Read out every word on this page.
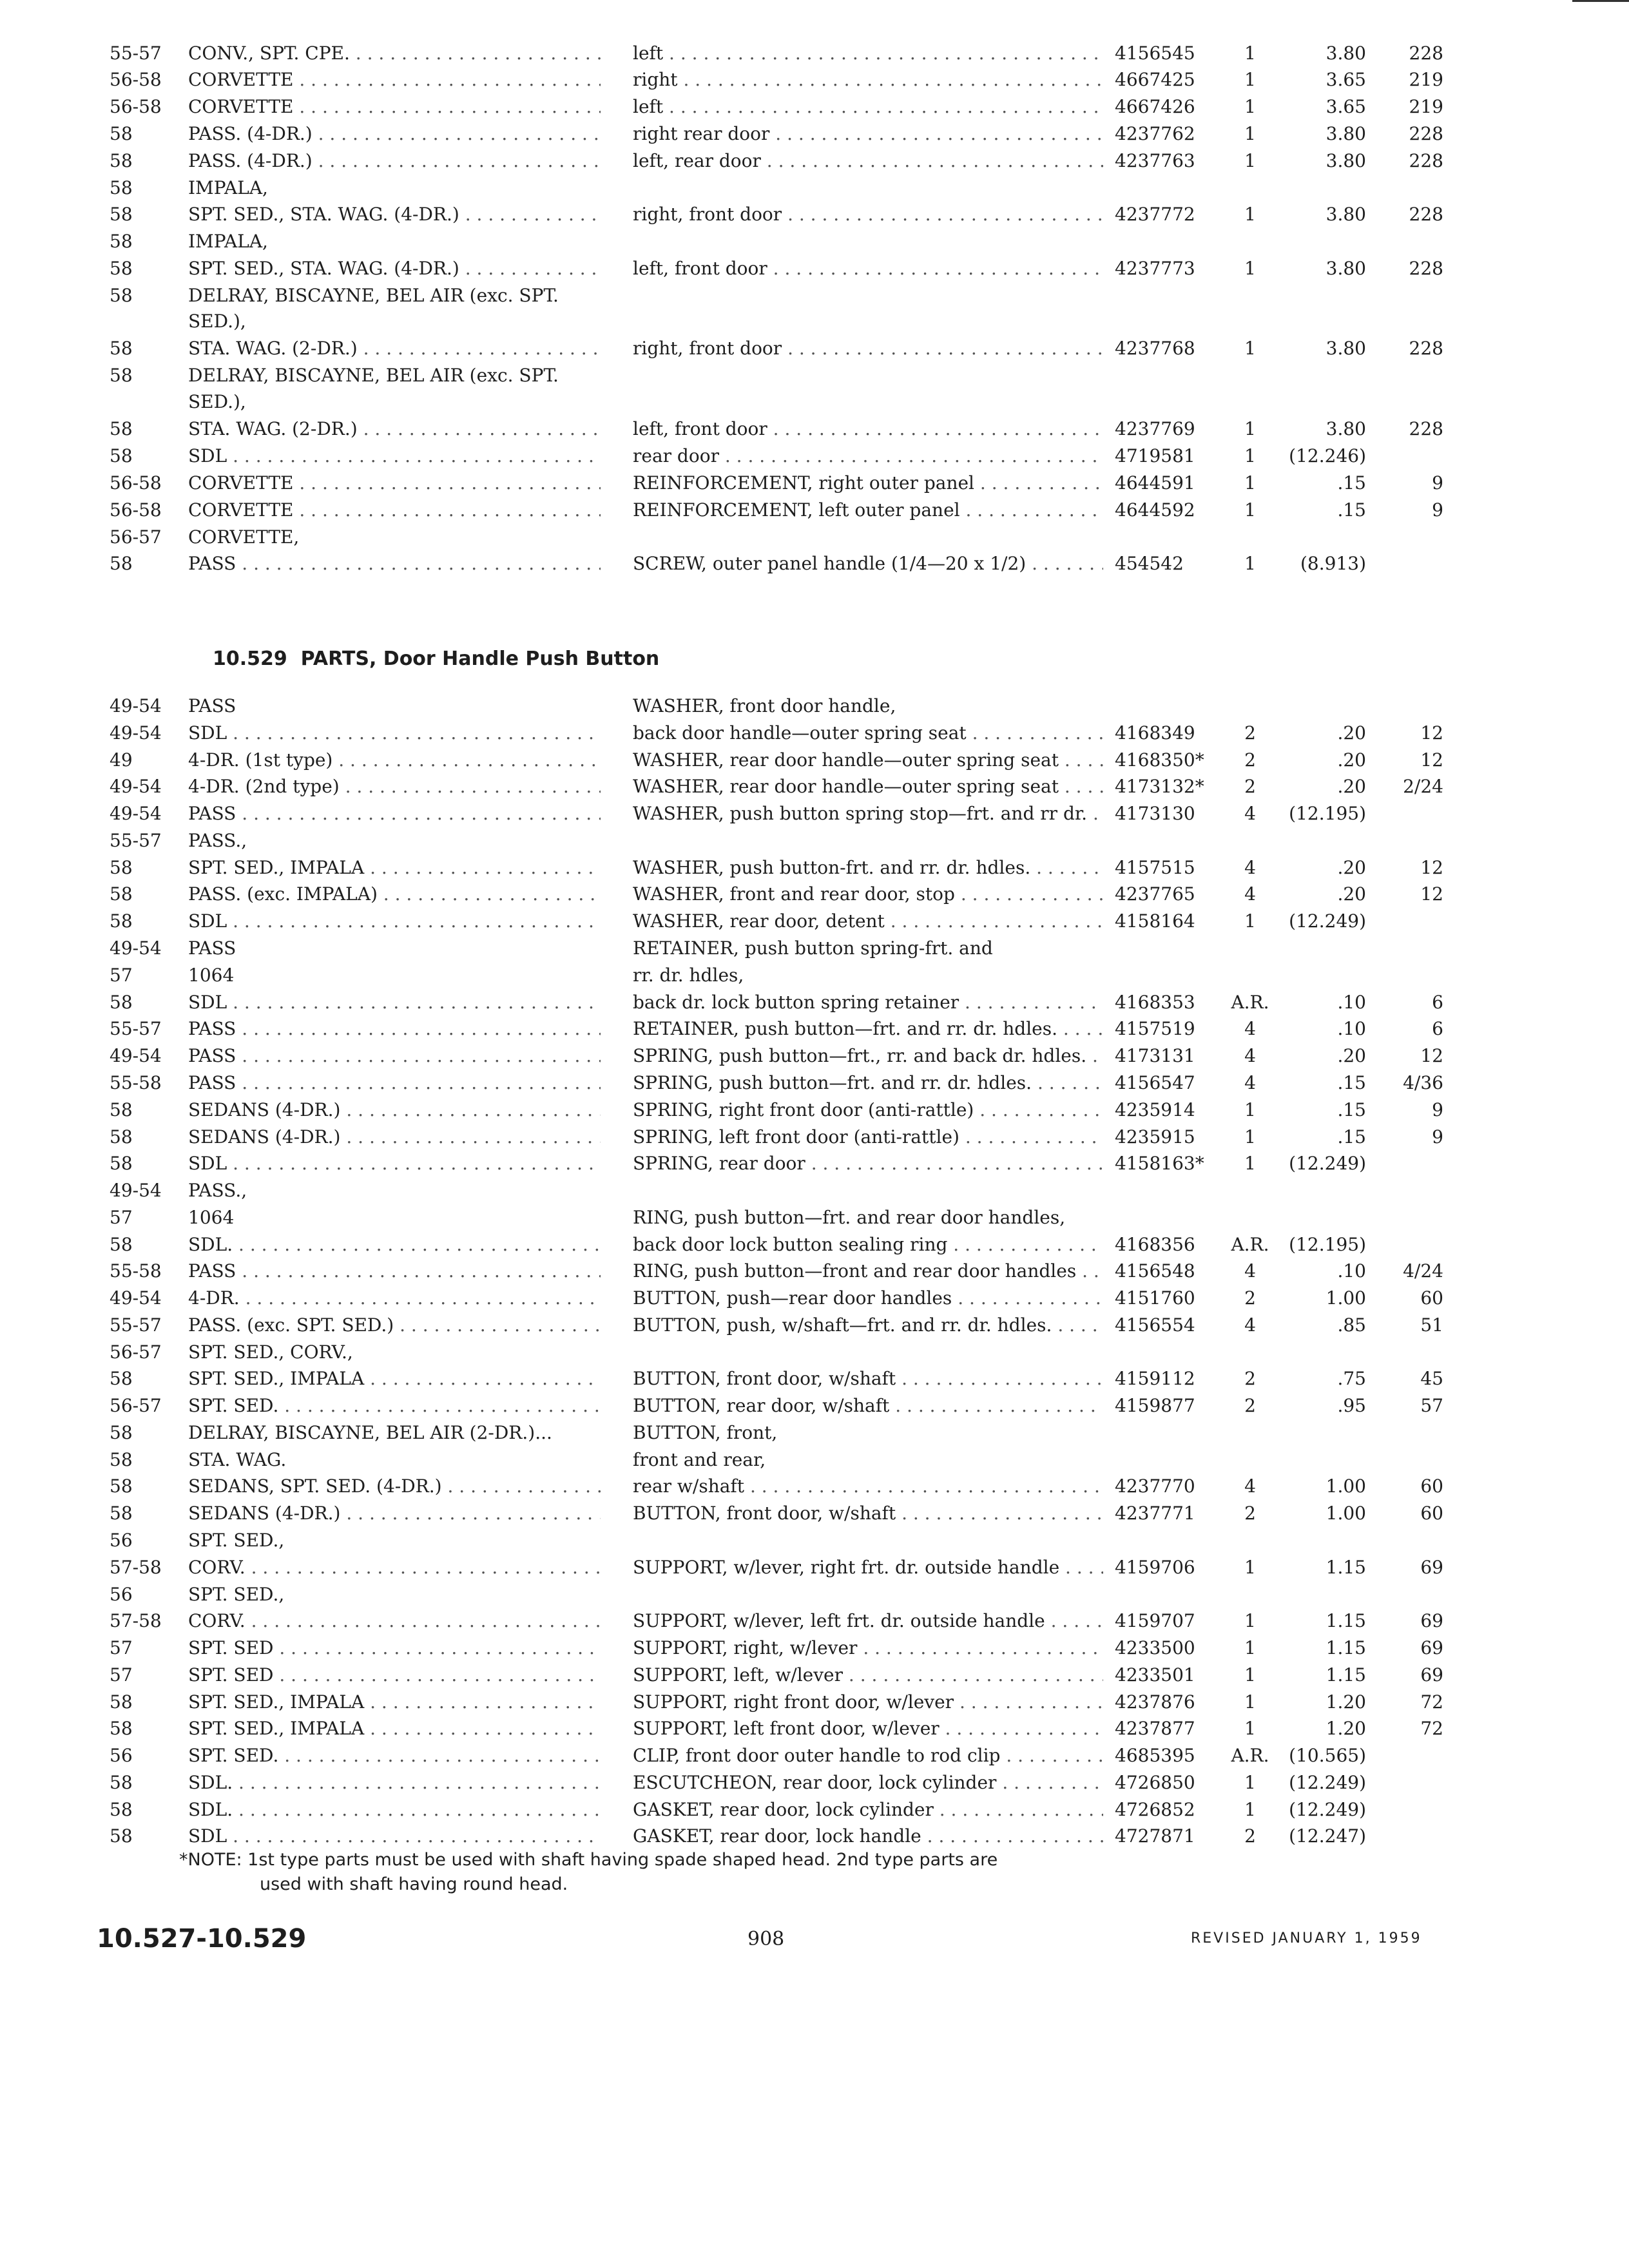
55-57 CONV., SPT. CPE. . . .	left . . .	4156545	1	3.80	228
56-58 CORVETTE . . .	right . . .	4667425	1	3.65	219
56-58 CORVETTE . . .	left . . .	4667426	1	3.65	219
58	PASS. (4-DR.) . . .	right rear door . . .	4237762	1	3.80	228
58	PASS. (4-DR.) . . .	left, rear door . . .	4237763	1	3.80	228
58	IMPALA,
58	SPT. SED., STA. WAG. (4-DR.) . . .	right, front door . . .	4237772	1	3.80	228
58	IMPALA,
58	SPT. SED., STA. WAG. (4-DR.) . . .	left, front door . . .	4237773	1	3.80	228
58	DELRAY, BISCAYNE, BEL AIR (exc. SPT.
SED.),
58	STA. WAG. (2-DR.) . . .	right, front door . . .	4237768	1	3.80	228
58	DELRAY, BISCAYNE, BEL AIR (exc. SPT.
SED.),
58	STA. WAG. (2-DR.) . . .	left, front door . . .	4237769	1	3.80	228
58	SDL . . .	rear door . . .	4719581	1	(12.246)
56-58 CORVETTE . . .	REINFORCEMENT, right outer panel . . .	4644591	1	.15	9
56-58 CORVETTE . . .	REINFORCEMENT, left outer panel . . .	4644592	1	.15	9
56-57 CORVETTE,
58	PASS . . .	SCREW, outer panel handle (1/4—20 x 1/2) . . .	454542	1	(8.913)
10.529 PARTS, Door Handle Push Button
49-54 PASS	WASHER, front door handle,
49-54 SDL . . .	back door handle—outer spring seat . . .	4168349	2	.20	12
49	4-DR. (1st type) . . .	WASHER, rear door handle—outer spring seat . . .	4168350*	2	.20	12
49-54 4-DR. (2nd type) . . .	WASHER, rear door handle—outer spring seat . . .	4173132*	2	.20	2/24
49-54 PASS . . .	WASHER, push button spring stop—frt. and rr dr. . . .	4173130	4	(12.195)
55-57 PASS.,
58	SPT. SED., IMPALA . . .	WASHER, push button-frt. and rr. dr. hdles. . . .	4157515	4	.20	12
58	PASS. (exc. IMPALA) . . .	WASHER, front and rear door, stop . . .	4237765	4	.20	12
58	SDL . . .	WASHER, rear door, detent . . .	4158164	1	(12.249)
49-54 PASS	RETAINER, push button spring-frt. and
57	1064	rr. dr. hdles,
58	SDL . . .	back dr. lock button spring retainer . . .	4168353 A.R.	.10	6
55-57 PASS . . .	RETAINER, push button—frt. and rr. dr. hdles. . . .	4157519	4	.10	6
49-54 PASS . . .	SPRING, push button—frt., rr. and back dr. hdles. . . .	4173131	4	.20	12
55-58 PASS . . .	SPRING, push button—frt. and rr. dr. hdles. . . .	4156547	4	.15	4/36
58	SEDANS (4-DR.) . . .	SPRING, right front door (anti-rattle) . . .	4235914	1	.15	9
58	SEDANS (4-DR.) . . .	SPRING, left front door (anti-rattle) . . .	4235915	1	.15	9
58	SDL . . .	SPRING, rear door . . .	4158163*	1	(12.249)
49-54 PASS.,
57	1064	RING, push button—frt. and rear door handles,
58	SDL. . . .	back door lock button sealing ring . . .	4168356 A.R.	(12.195)
55-58 PASS . . .	RING, push button—front and rear door handles . . .	4156548	4	.10	4/24
49-54 4-DR. . . .	BUTTON, push—rear door handles . . .	4151760	2	1.00	60
55-57 PASS. (exc. SPT. SED.) . . .	BUTTON, push, w/shaft—frt. and rr. dr. hdles. . . .	4156554	4	.85	51
56-57 SPT. SED., CORV.,
58	SPT. SED., IMPALA . . .	BUTTON, front door, w/shaft . . .	4159112	2	.75	45
56-57 SPT. SED. . . .	BUTTON, rear door, w/shaft . . .	4159877	2	.95	57
58	DELRAY, BISCAYNE, BEL AIR (2-DR.)...	BUTTON, front,
58	STA. WAG.	front and rear,
58	SEDANS, SPT. SED. (4-DR.) . . .	rear w/shaft . . .	4237770	4	1.00	60
58	SEDANS (4-DR.) . . .	BUTTON, front door, w/shaft . . .	4237771	2	1.00	60
56	SPT. SED.,
57-58 CORV. . . .	SUPPORT, w/lever, right frt. dr. outside handle . . .	4159706	1	1.15	69
56	SPT. SED.,
57-58 CORV. . . .	SUPPORT, w/lever, left frt. dr. outside handle . . .	4159707	1	1.15	69
57	SPT. SED . . .	SUPPORT, right, w/lever . . .	4233500	1	1.15	69
57	SPT. SED . . .	SUPPORT, left, w/lever . . .	4233501	1	1.15	69
58	SPT. SED., IMPALA . . .	SUPPORT, right front door, w/lever . . .	4237876	1	1.20	72
58	SPT. SED., IMPALA . . .	SUPPORT, left front door, w/lever . . .	4237877	1	1.20	72
56	SPT. SED. . . .	CLIP, front door outer handle to rod clip . . .	4685395 A.R.	(10.565)
58	SDL. . . .	ESCUTCHEON, rear door, lock cylinder . . .	4726850	1	(12.249)
58	SDL. . . .	GASKET, rear door, lock cylinder . . .	4726852	1	(12.249)
58	SDL . . .	GASKET, rear door, lock handle . . .	4727871	2	(12.247)
*NOTE: 1st type parts must be used with shaft having spade shaped head. 2nd type parts are
used with shaft having round head.
10.527-10.529	908	REVISED JANUARY 1, 1959
